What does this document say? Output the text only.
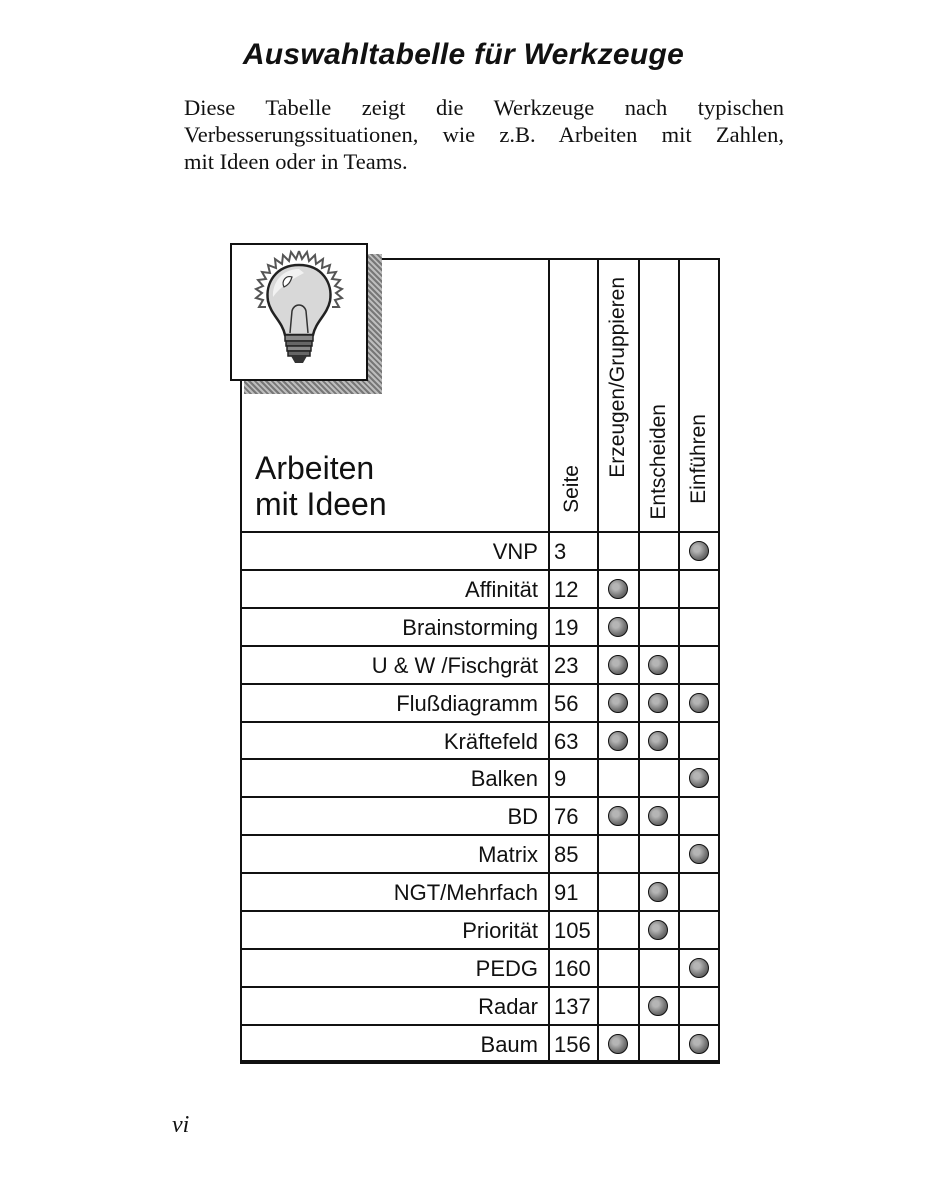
Auswahltabelle für Werkzeuge

Diese Tabelle zeigt die Werkzeuge nach typischen
Verbesserungssituationen, wie z.B. Arbeiten mit Zahlen,
mit Ideen oder in Teams.

Arbeiten
mit Ideen	Seite
Erzeugen/Gruppieren Entscheiden Einführen
VNP 3
Affinität 12
Brainstorming 19
U & W /Fischgrät 23
Flußdiagramm 56
Kräftefeld 63
Balken 9
BD 76
Matrix 85
NGT/Mehrfach 91
Priorität 105
PEDG 160
Radar 137
Baum 156
vi
